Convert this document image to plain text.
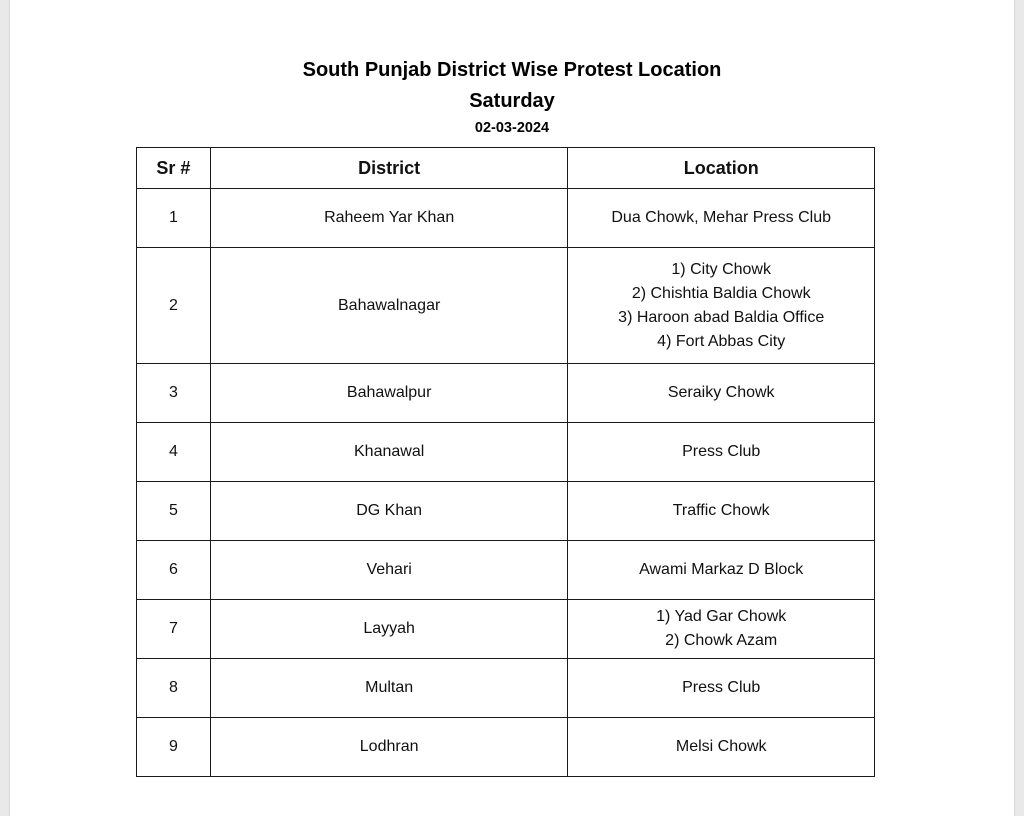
South Punjab District Wise Protest Location
Saturday
02-03-2024
Sr #	District	Location
1	Raheem Yar Khan	Dua Chowk, Mehar Press Club

2	Bahawalnagar	1) City Chowk
2) Chishtia Baldia Chowk
3) Haroon abad Baldia Office
4) Fort Abbas City

3	Bahawalpur	Seraiky Chowk

4	Khanawal	Press Club

5	DG Khan	Traffic Chowk

6	Vehari	Awami Markaz D Block

7	Layyah	1) Yad Gar Chowk
2) Chowk Azam

8	Multan	Press Club

9	Lodhran	Melsi Chowk
